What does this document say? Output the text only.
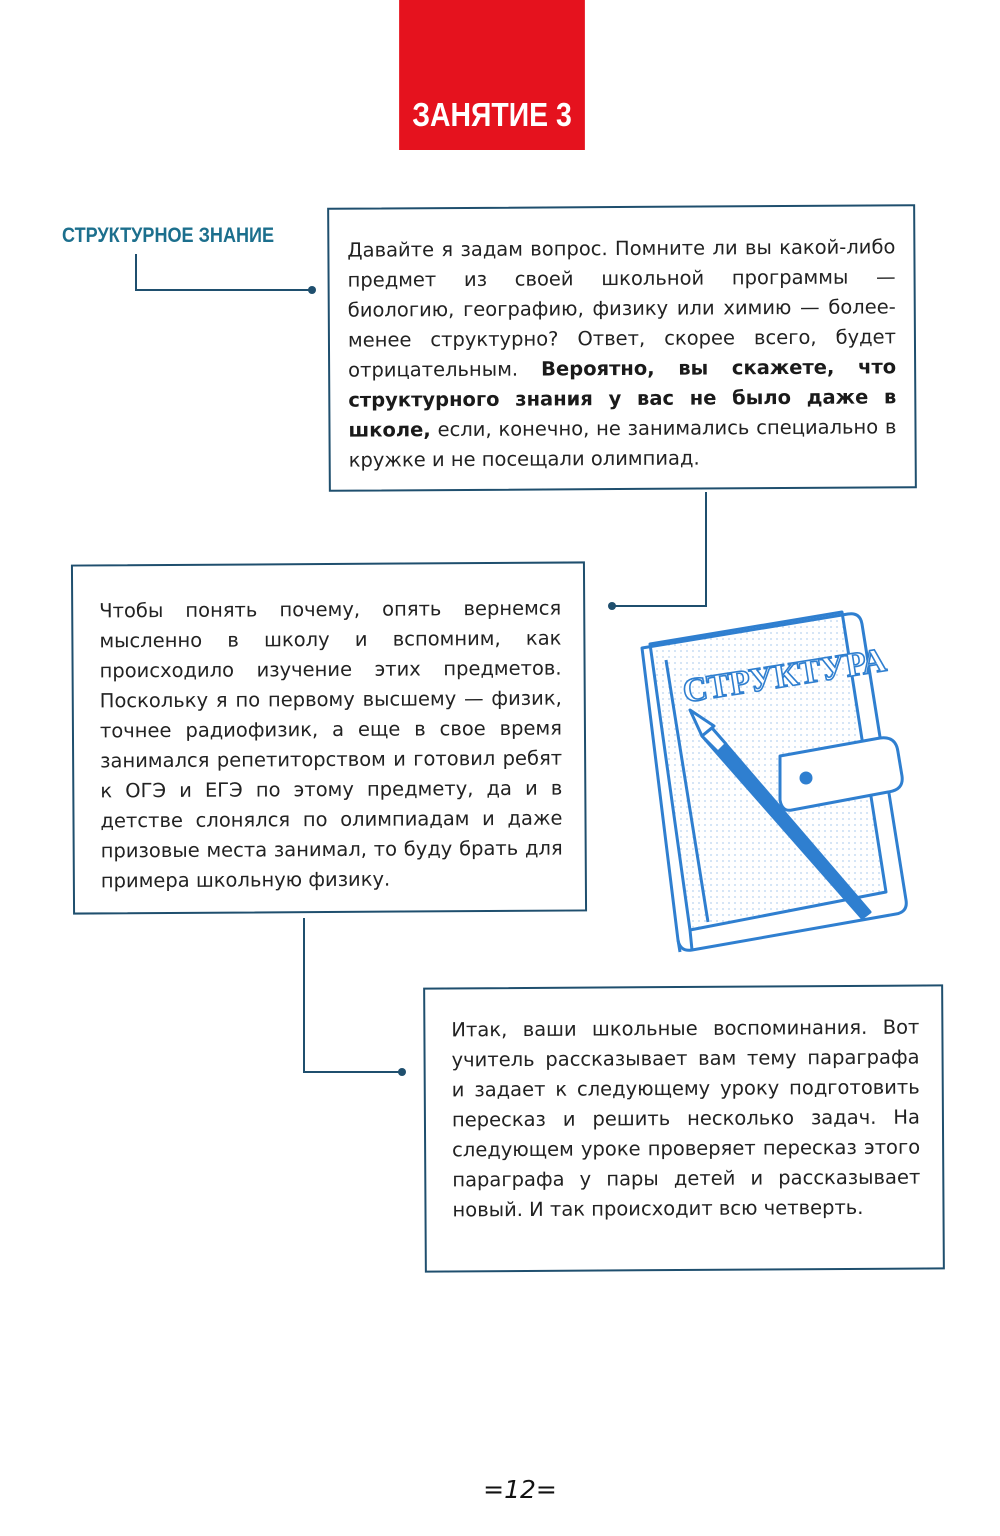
ЗАНЯТИЕ 3
СТРУКТУРНОЕ ЗНАНИЕ	Давайте я задам вопрос. Помните ли вы какой-либо предмет из своей школьной программы — биологию, географию, физику или химию — более-менее структурно? Ответ, скорее всего, будет отрицательным. Вероятно, вы скажете, что структурного знания у вас не было даже в школе, если, конечно, не занимались специально в кружке и не посещали олимпиад.
Чтобы понять почему, опять вернемся мысленно в школу и вспомним, как происходило изучение этих предметов. Поскольку я по первому высшему — физик, точнее радиофизик, а еще в свое время занимался репетиторством и готовил ребят к ОГЭ и ЕГЭ по этому предмету, да и в детстве слонялся по олимпиадам и даже призовые места занимал, то буду брать для примера школьную физику.
Итак, ваши школьные воспоминания. Вот учитель рассказывает вам тему параграфа и задает к следующему уроку подготовить пересказ и решить несколько задач. На следующем уроке проверяет пересказ этого параграфа у пары детей и рассказывает новый. И так происходит всю четверть.
СТРУКТУРА
=12=
